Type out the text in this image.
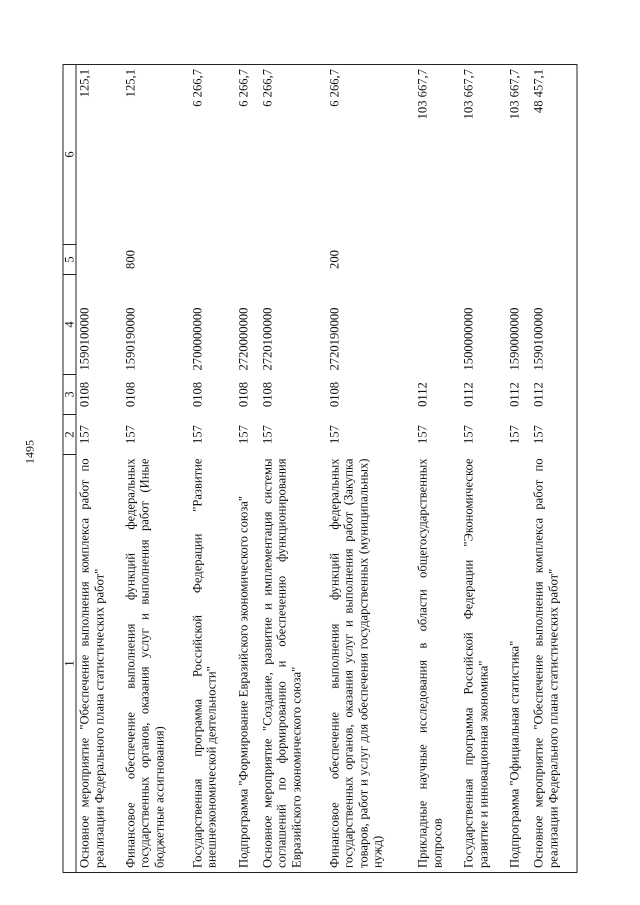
1495
1	2	3	4	5	6
Основное мероприятие "Обеспечение выполнения комплекса работ по реализации Федерального плана статистических работ"	157	0108	1590100000		125,1
Финансовое обеспечение выполнения функций федеральных государственных органов, оказания услуг и выполнения работ (Иные бюджетные ассигнования)	157	0108	1590190000	800	125,1
Государственная программа Российской Федерации "Развитие внешнеэкономической деятельности"	157	0108	2700000000		6 266,7
Подпрограмма "Формирование Евразийского экономического союза"	157	0108	2720000000		6 266,7
Основное мероприятие "Создание, развитие и имплементация системы соглашений по формированию и обеспечению функционирования Евразийского экономического союза"	157	0108	2720100000		6 266,7
Финансовое обеспечение выполнения функций федеральных государственных органов, оказания услуг и выполнения работ (Закупка товаров, работ и услуг для обеспечения государственных (муниципальных) нужд)	157	0108	2720190000	200	6 266,7
Прикладные научные исследования в области общегосударственных вопросов	157	0112			103 667,7
Государственная программа Российской Федерации "Экономическое развитие и инновационная экономика"	157	0112	1500000000		103 667,7
Подпрограмма "Официальная статистика"	157	0112	1590000000		103 667,7
Основное мероприятие "Обеспечение выполнения комплекса работ по реализации Федерального плана статистических работ"	157	0112	1590100000		48 457,1
